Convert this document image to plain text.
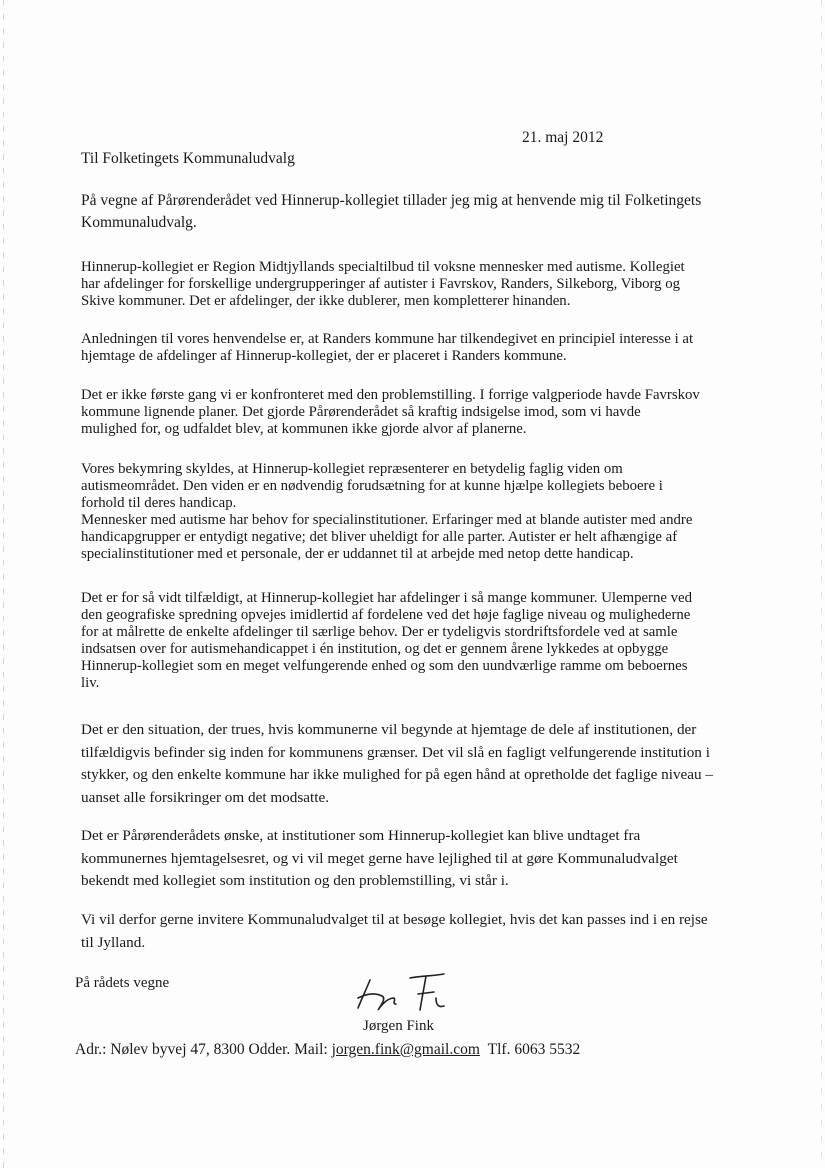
21. maj 2012
Til Folketingets Kommunaludvalg

På vegne af Pårørenderådet ved Hinnerup-kollegiet tillader jeg mig at henvende mig til Folketingets
Kommunaludvalg.

Hinnerup-kollegiet er Region Midtjyllands specialtilbud til voksne mennesker med autisme. Kollegiet
har afdelinger for forskellige undergrupperinger af autister i Favrskov, Randers, Silkeborg, Viborg og
Skive kommuner. Det er afdelinger, der ikke dublerer, men kompletterer hinanden.

Anledningen til vores henvendelse er, at Randers kommune har tilkendegivet en principiel interesse i at
hjemtage de afdelinger af Hinnerup-kollegiet, der er placeret i Randers kommune.

Det er ikke første gang vi er konfronteret med den problemstilling. I forrige valgperiode havde Favrskov
kommune lignende planer. Det gjorde Pårørenderådet så kraftig indsigelse imod, som vi havde
mulighed for, og udfaldet blev, at kommunen ikke gjorde alvor af planerne.

Vores bekymring skyldes, at Hinnerup-kollegiet repræsenterer en betydelig faglig viden om
autismeområdet. Den viden er en nødvendig forudsætning for at kunne hjælpe kollegiets beboere i
forhold til deres handicap.
Mennesker med autisme har behov for specialinstitutioner. Erfaringer med at blande autister med andre
handicapgrupper er entydigt negative; det bliver uheldigt for alle parter. Autister er helt afhængige af
specialinstitutioner med et personale, der er uddannet til at arbejde med netop dette handicap.

Det er for så vidt tilfældigt, at Hinnerup-kollegiet har afdelinger i så mange kommuner. Ulemperne ved
den geografiske spredning opvejes imidlertid af fordelene ved det høje faglige niveau og mulighederne
for at målrette de enkelte afdelinger til særlige behov. Der er tydeligvis stordriftsfordele ved at samle
indsatsen over for autismehandicappet i én institution, og det er gennem årene lykkedes at opbygge
Hinnerup-kollegiet som en meget velfungerende enhed og som den uundværlige ramme om beboernes
liv.

Det er den situation, der trues, hvis kommunerne vil begynde at hjemtage de dele af institutionen, der
tilfældigvis befinder sig inden for kommunens grænser. Det vil slå en fagligt velfungerende institution i
stykker, og den enkelte kommune har ikke mulighed for på egen hånd at opretholde det faglige niveau –
uanset alle forsikringer om det modsatte.

Det er Pårørenderådets ønske, at institutioner som Hinnerup-kollegiet kan blive undtaget fra
kommunernes hjemtagelsesret, og vi vil meget gerne have lejlighed til at gøre Kommunaludvalget
bekendt med kollegiet som institution og den problemstilling, vi står i.

Vi vil derfor gerne invitere Kommunaludvalget til at besøge kollegiet, hvis det kan passes ind i en rejse
til Jylland.

På rådets vegne
Jørgen Fink
Adr.: Nølev byvej 47, 8300 Odder. Mail: jorgen.fink@gmail.com Tlf. 6063 5532
